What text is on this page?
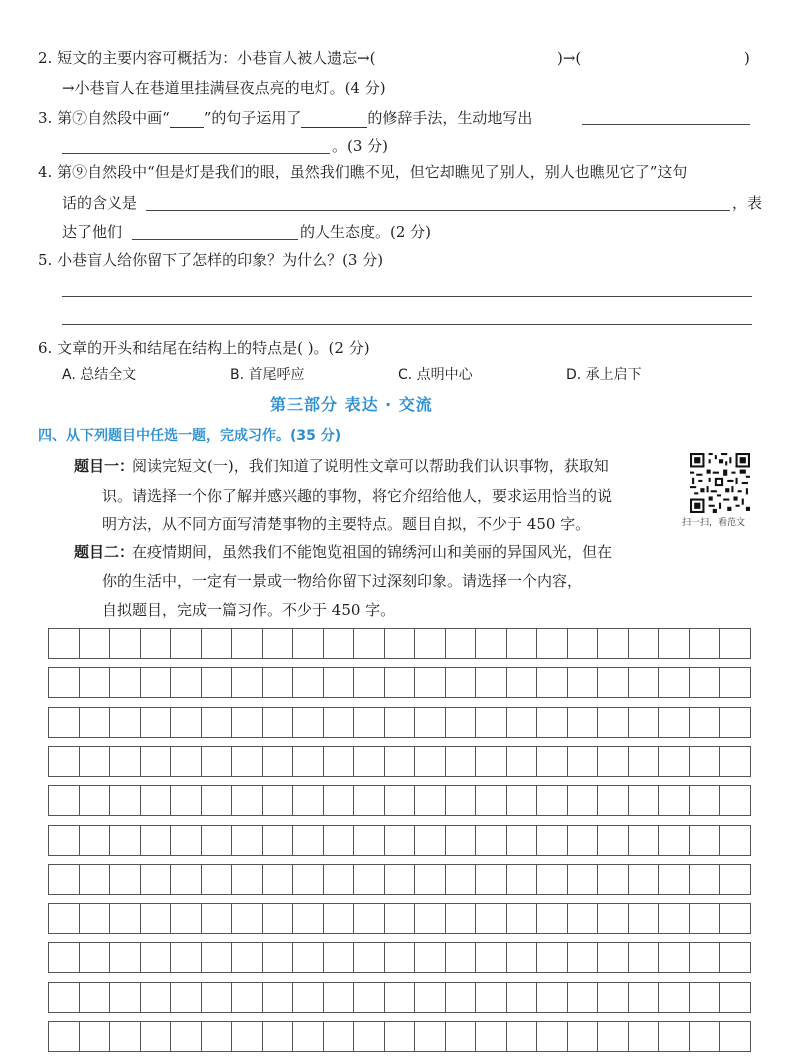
2. 短文的主要内容可概括为：小巷盲人被人遗忘→(	)→(	)
→小巷盲人在巷道里挂满昼夜点亮的电灯。(4 分)
3. 第⑦自然段中画“ ”的句子运用了	的修辞手法，生动地写出
。(3 分)
4. 第⑨自然段中“但是灯是我们的眼，虽然我们瞧不见，但它却瞧见了别人，别人也瞧见它了”这句
话的含义是	，表
达了他们	的人生态度。(2 分)
5. 小巷盲人给你留下了怎样的印象？为什么？(3 分)
6. 文章的开头和结尾在结构上的特点是( )。(2 分)
A. 总结全文	B. 首尾呼应	C. 点明中心	D. 承上启下
第三部分 表达 · 交流
四、从下列题目中任选一题，完成习作。(35 分)
题目一：
阅读完短文(一)，我们知道了说明性文章可以帮助我们认识事物，获取知
识。请选择一个你了解并感兴趣的事物，将它介绍给他人，要求运用恰当的说
明方法，从不同方面写清楚事物的主要特点。题目自拟，不少于 450 字。
题目二：
在疫情期间，虽然我们不能饱览祖国的锦绣河山和美丽的异国风光，但在
你的生活中，一定有一景或一物给你留下过深刻印象。请选择一个内容，
自拟题目，完成一篇习作。不少于 450 字。
扫一扫，看范文
